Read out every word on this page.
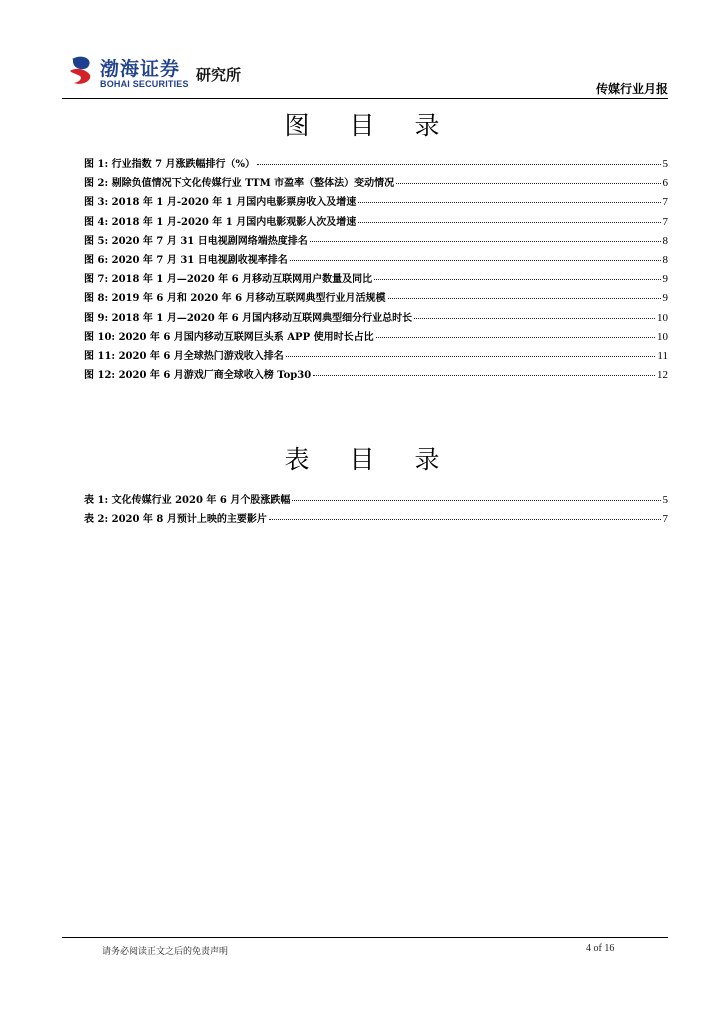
渤海证券
BOHAI SECURITIES 研究所
传媒行业月报
图 目 录
图 1: 行业指数 7 月涨跌幅排行（%）	5
图 2: 剔除负值情况下文化传媒行业 TTM 市盈率（整体法）变动情况	6
图 3: 2018 年 1 月-2020 年 1 月国内电影票房收入及增速	7
图 4: 2018 年 1 月-2020 年 1 月国内电影观影人次及增速	7
图 5: 2020 年 7 月 31 日电视剧网络端热度排名	8
图 6: 2020 年 7 月 31 日电视剧收视率排名	8
图 7: 2018 年 1 月—2020 年 6 月移动互联网用户数量及同比	9
图 8: 2019 年 6 月和 2020 年 6 月移动互联网典型行业月活规模	9
图 9: 2018 年 1 月—2020 年 6 月国内移动互联网典型细分行业总时长	10
图 10: 2020 年 6 月国内移动互联网巨头系 APP 使用时长占比	10
图 11: 2020 年 6 月全球热门游戏收入排名	11
图 12: 2020 年 6 月游戏厂商全球收入榜 Top30	12
表 目 录
表 1: 文化传媒行业 2020 年 6 月个股涨跌幅	5
表 2: 2020 年 8 月预计上映的主要影片	7
请务必阅读正文之后的免责声明	4 of 16
